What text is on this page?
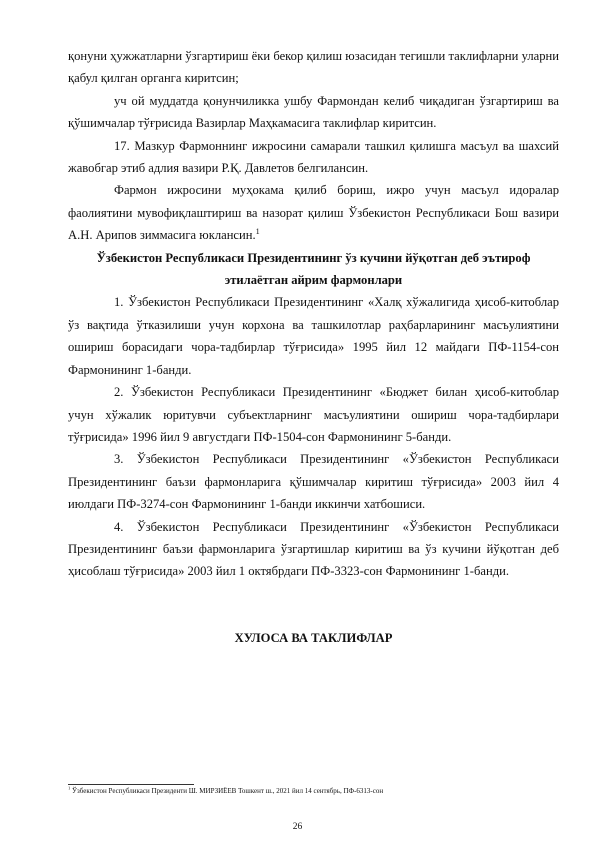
қонуни ҳужжатларни ўзгартириш ёки бекор қилиш юзасидан тегишли таклифларни уларни қабул қилган органга киритсин;

уч ой муддатда қонунчиликка ушбу Фармондан келиб чиқадиган ўзгартириш ва қўшимчалар тўғрисида Вазирлар Маҳкамасига таклифлар киритсин.

17. Мазкур Фармоннинг ижросини самарали ташкил қилишга масъул ва шахсий жавобгар этиб адлия вазири Р.Қ. Давлетов белгилансин.

Фармон ижросини муҳокама қилиб бориш, ижро учун масъул идоралар фаолиятини мувофиқлаштириш ва назорат қилиш Ўзбекистон Республикаси Бош вазири А.Н. Арипов зиммасига юклансин.$^1$

Ўзбекистон Республикаси Президентининг ўз кучини йўқотган деб эътироф этилаётган айрим фармонлари

1. Ўзбекистон Республикаси Президентининг «Халқ хўжалигида ҳисоб-китоблар ўз вақтида ўтказилиши учун корхона ва ташкилотлар раҳбарларининг масъулиятини ошириш борасидаги чора-тадбирлар тўғрисида» 1995 йил 12 майдаги ПФ-1154-сон Фармонининг 1-банди.

2. Ўзбекистон Республикаси Президентининг «Бюджет билан ҳисоб-китоблар учун хўжалик юритувчи субъектларнинг масъулиятини ошириш чора-тадбирлари тўғрисида» 1996 йил 9 августдаги ПФ-1504-сон Фармонининг 5-банди.

3. Ўзбекистон Республикаси Президентининг «Ўзбекистон Республикаси Президентининг баъзи фармонларига қўшимчалар киритиш тўғрисида» 2003 йил 4 июлдаги ПФ-3274-сон Фармонининг 1-банди иккинчи хатбошиси.

4. Ўзбекистон Республикаси Президентининг «Ўзбекистон Республикаси Президентининг баъзи фармонларига ўзгартишлар киритиш ва ўз кучини йўқотган деб ҳисоблаш тўғрисида» 2003 йил 1 октябрдаги ПФ-3323-сон Фармонининг 1-банди.

ХУЛОСА ВА ТАКЛИФЛАР

$^1$ Ўзбекистон Республикаси Президенти Ш. МИРЗИЁЕВ Тошкент ш., 2021 йил 14 сентябрь, ПФ-6313-сон
26
